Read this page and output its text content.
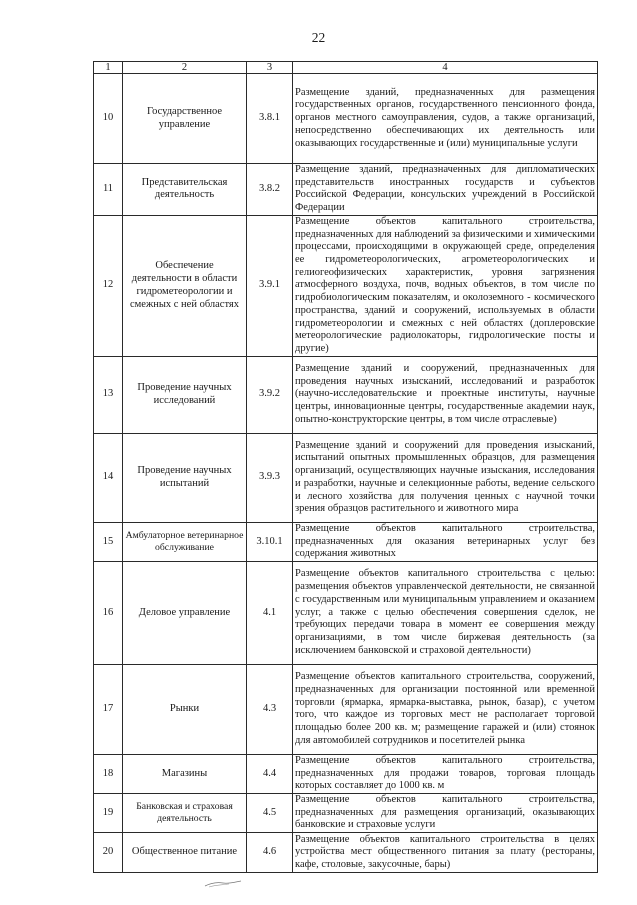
22
1	2	3	4
10	Государственное управление	3.8.1	Размещение зданий, предназначенных для размещения государственных органов, государственного пенсионного фонда, органов местного самоуправления, судов, а также организаций, непосредственно обеспечивающих их деятельность или оказывающих государственные и (или) муниципальные услуги
11	Представительская деятельность	3.8.2	Размещение зданий, предназначенных для дипломатических представительств иностранных государств и субъектов Российской Федерации, консульских учреждений в Российской Федерации
12	Обеспечение деятельности в области гидрометеорологии и смежных с ней областях	3.9.1	Размещение объектов капитального строительства, предназначенных для наблюдений за физическими и химическими процессами, происходящими в окружающей среде, определения ее гидрометеорологических, агрометеорологических и гелиогеофизических характеристик, уровня загрязнения атмосферного воздуха, почв, водных объектов, в том числе по гидробиологическим показателям, и околоземного - космического пространства, зданий и сооружений, используемых в области гидрометеорологии и смежных с ней областях (доплеровские метеорологические радиолокаторы, гидрологические посты и другие)
13	Проведение научных исследований	3.9.2	Размещение зданий и сооружений, предназначенных для проведения научных изысканий, исследований и разработок (научно-исследовательские и проектные институты, научные центры, инновационные центры, государственные академии наук, опытно-конструкторские центры, в том числе отраслевые)
14	Проведение научных испытаний	3.9.3	Размещение зданий и сооружений для проведения изысканий, испытаний опытных промышленных образцов, для размещения организаций, осуществляющих научные изыскания, исследования и разработки, научные и селекционные работы, ведение сельского и лесного хозяйства для получения ценных с научной точки зрения образцов растительного и животного мира
15	Амбулаторное ветеринарное обслуживание	3.10.1	Размещение объектов капитального строительства, предназначенных для оказания ветеринарных услуг без содержания животных
16	Деловое управление	4.1	Размещение объектов капитального строительства с целью: размещения объектов управленческой деятельности, не связанной с государственным или муниципальным управлением и оказанием услуг, а также с целью обеспечения совершения сделок, не требующих передачи товара в момент ее совершения между организациями, в том числе биржевая деятельность (за исключением банковской и страховой деятельности)
17	Рынки	4.3	Размещение объектов капитального строительства, сооружений, предназначенных для организации постоянной или временной торговли (ярмарка, ярмарка-выставка, рынок, базар), с учетом того, что каждое из торговых мест не располагает торговой площадью более 200 кв. м; размещение гаражей и (или) стоянок для автомобилей сотрудников и посетителей рынка
18	Магазины	4.4	Размещение объектов капитального строительства, предназначенных для продажи товаров, торговая площадь которых составляет до 1000 кв. м
19	Банковская и страховая деятельность	4.5	Размещение объектов капитального строительства, предназначенных для размещения организаций, оказывающих банковские и страховые услуги
20	Общественное питание	4.6	Размещение объектов капитального строительства в целях устройства мест общественного питания за плату (рестораны, кафе, столовые, закусочные, бары)
